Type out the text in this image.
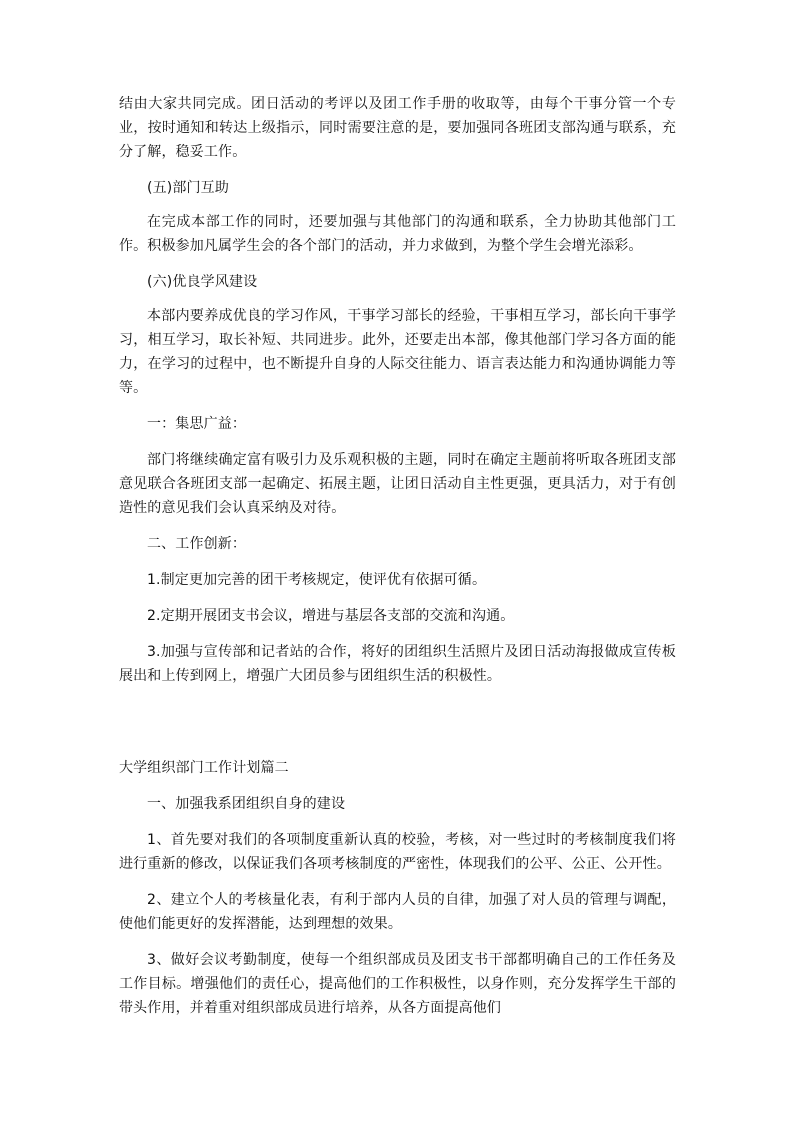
结由大家共同完成。团日活动的考评以及团工作手册的收取等，由每个干事分管一个专业，按时通知和转达上级指示，同时需要注意的是，要加强同各班团支部沟通与联系，充分了解，稳妥工作。

(五)部门互助

在完成本部工作的同时，还要加强与其他部门的沟通和联系，全力协助其他部门工作。积极参加凡属学生会的各个部门的活动，并力求做到，为整个学生会增光添彩。

(六)优良学风建设

本部内要养成优良的学习作风，干事学习部长的经验，干事相互学习，部长向干事学习，相互学习，取长补短、共同进步。此外，还要走出本部，像其他部门学习各方面的能力，在学习的过程中，也不断提升自身的人际交往能力、语言表达能力和沟通协调能力等等。

一：集思广益：

部门将继续确定富有吸引力及乐观积极的主题，同时在确定主题前将听取各班团支部意见联合各班团支部一起确定、拓展主题，让团日活动自主性更强，更具活力，对于有创造性的意见我们会认真采纳及对待。

二、工作创新：

1.制定更加完善的团干考核规定，使评优有依据可循。

2.定期开展团支书会议，增进与基层各支部的交流和沟通。

3.加强与宣传部和记者站的合作，将好的团组织生活照片及团日活动海报做成宣传板展出和上传到网上，增强广大团员参与团组织生活的积极性。

大学组织部门工作计划篇二

一、加强我系团组织自身的建设

1、首先要对我们的各项制度重新认真的校验，考核，对一些过时的考核制度我们将进行重新的修改，以保证我们各项考核制度的严密性，体现我们的公平、公正、公开性。

2、建立个人的考核量化表，有利于部内人员的自律，加强了对人员的管理与调配，使他们能更好的发挥潜能，达到理想的效果。

3、做好会议考勤制度，使每一个组织部成员及团支书干部都明确自己的工作任务及工作目标。增强他们的责任心，提高他们的工作积极性，以身作则，充分发挥学生干部的带头作用，并着重对组织部成员进行培养，从各方面提高他们
